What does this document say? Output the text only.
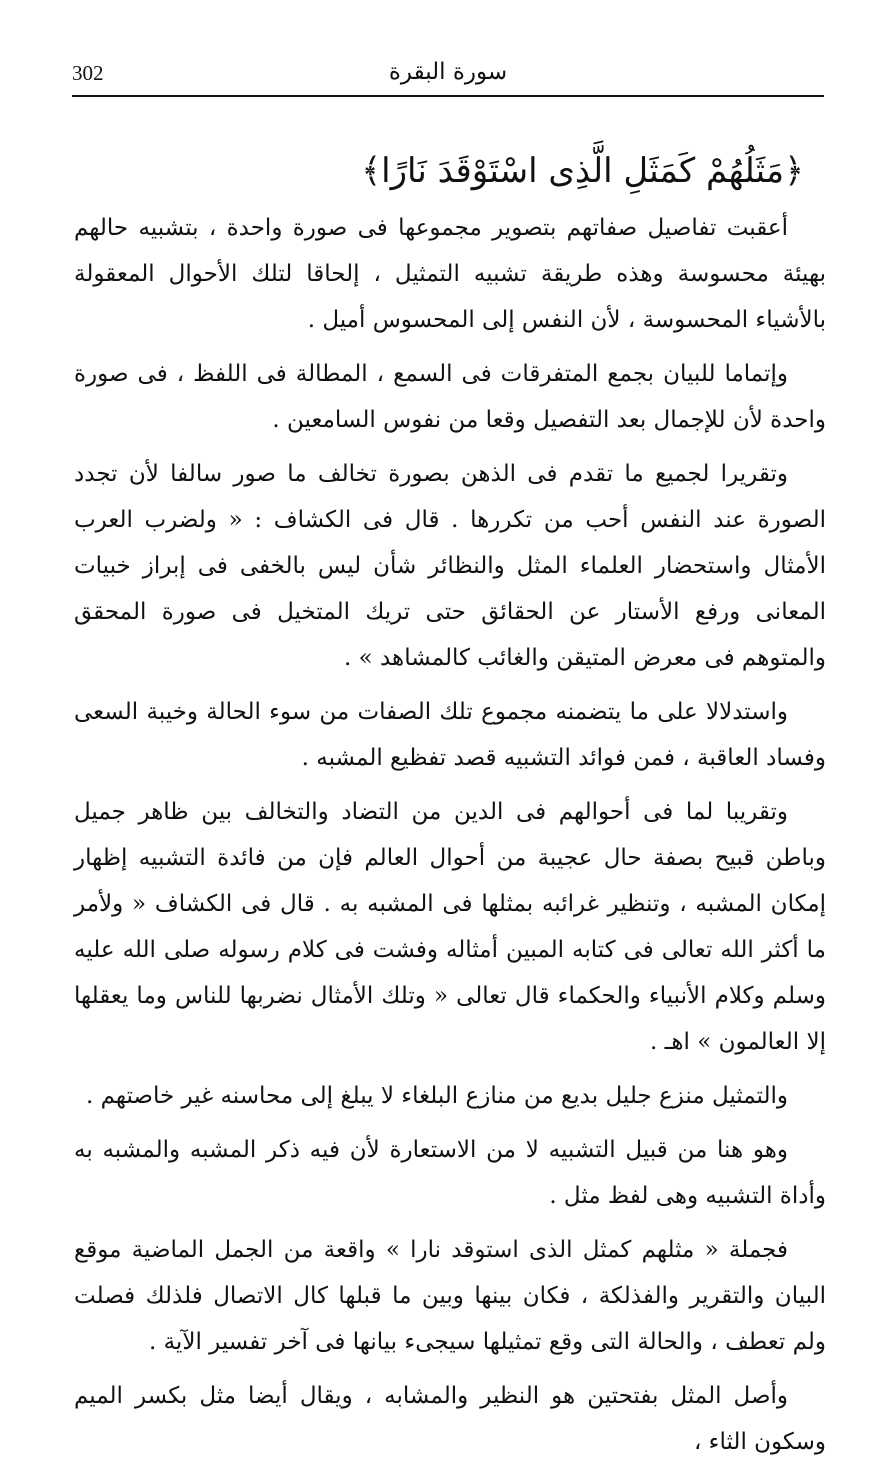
302	سورة البقرة
﴿مَثَلُهُمْ كَمَثَلِ الَّذِى اسْتَوْقَدَ نَارًا﴾

أعقبت تفاصيل صفاتهم بتصوير مجموعها فى صورة واحدة ، بتشبيه حالهم بهيئة محسوسة وهذه طريقة تشبيه التمثيل ، إلحاقا لتلك الأحوال المعقولة بالأشياء المحسوسة ، لأن النفس إلى المحسوس أميل .

وإتماما للبيان بجمع المتفرقات فى السمع ، المطالة فى اللفظ ، فى صورة واحدة لأن للإجمال بعد التفصيل وقعا من نفوس السامعين .

وتقريرا لجميع ما تقدم فى الذهن بصورة تخالف ما صور سالفا لأن تجدد الصورة عند النفس أحب من تكررها . قال فى الكشاف : « ولضرب العرب الأمثال واستحضار العلماء المثل والنظائر شأن ليس بالخفى فى إبراز خبيات المعانى ورفع الأستار عن الحقائق حتى تريك المتخيل فى صورة المحقق والمتوهم فى معرض المتيقن والغائب كالمشاهد » .

واستدلالا على ما يتضمنه مجموع تلك الصفات من سوء الحالة وخيبة السعى وفساد العاقبة ، فمن فوائد التشبيه قصد تفظيع المشبه .

وتقريبا لما فى أحوالهم فى الدين من التضاد والتخالف بين ظاهر جميل وباطن قبيح بصفة حال عجيبة من أحوال العالم فإن من فائدة التشبيه إظهار إمكان المشبه ، وتنظير غرائبه بمثلها فى المشبه به . قال فى الكشاف « ولأمر ما أكثر الله تعالى فى كتابه المبين أمثاله وفشت فى كلام رسوله صلى الله عليه وسلم وكلام الأنبياء والحكماء قال تعالى « وتلك الأمثال نضربها للناس وما يعقلها إلا العالمون » اهـ .

والتمثيل منزع جليل بديع من منازع البلغاء لا يبلغ إلى محاسنه غير خاصتهم .

وهو هنا من قبيل التشبيه لا من الاستعارة لأن فيه ذكر المشبه والمشبه به وأداة التشبيه وهى لفظ مثل .

فجملة « مثلهم كمثل الذى استوقد نارا » واقعة من الجمل الماضية موقع البيان والتقرير والفذلكة ، فكان بينها وبين ما قبلها كال الاتصال فلذلك فصلت ولم تعطف ، والحالة التى وقع تمثيلها سيجىء بيانها فى آخر تفسير الآية .

وأصل المثل بفتحتين هو النظير والمشابه ، ويقال أيضا مثل بكسر الميم وسكون الثاء ،
